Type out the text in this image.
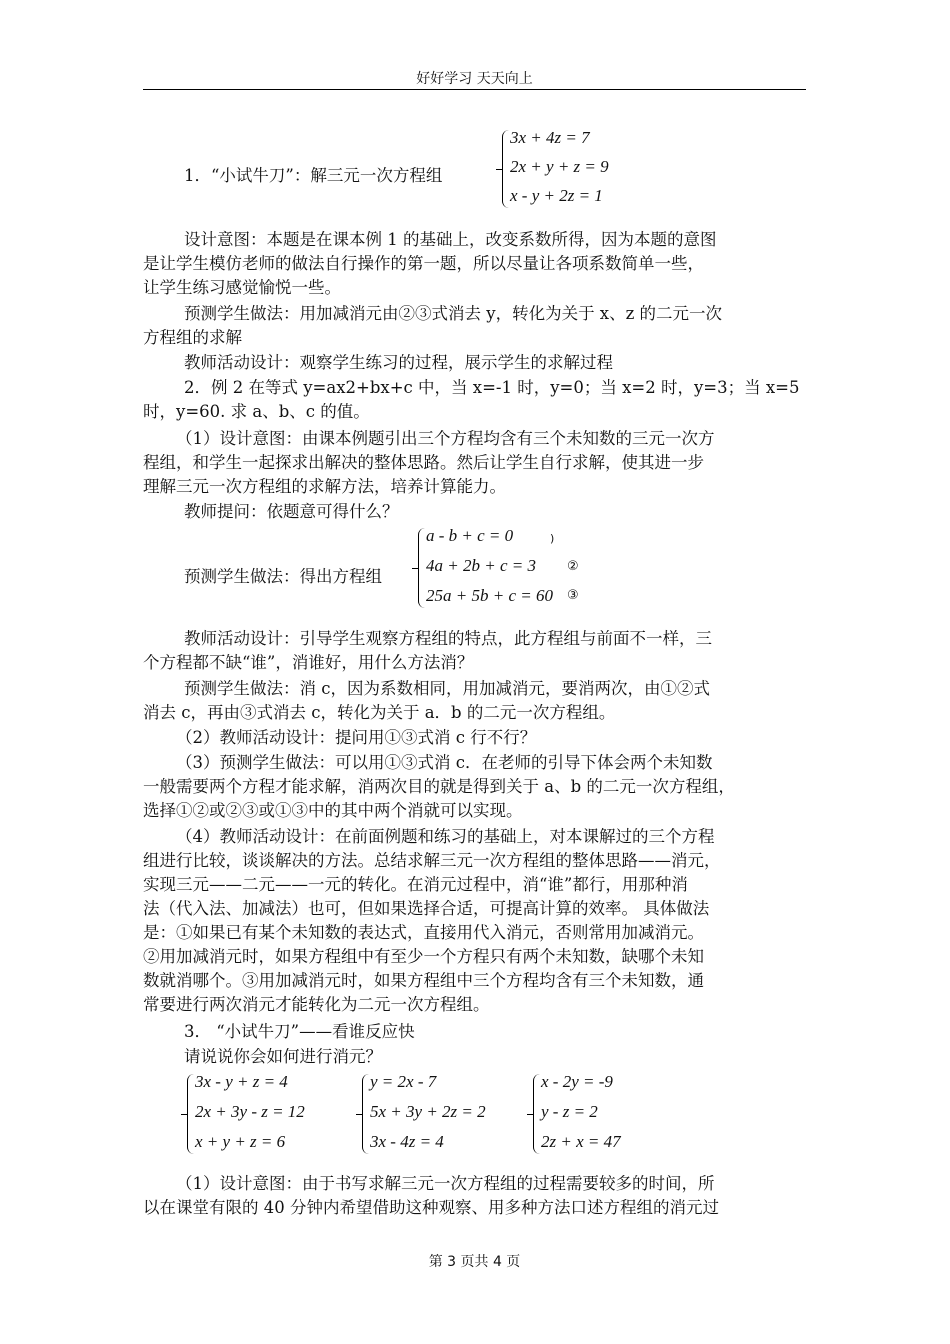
好好学习 天天向上
1．“小试牛刀”：解三元一次方程组
3x + 4z = 7
2x + y + z = 9
x - y + 2z = 1
设计意图：本题是在课本例 1 的基础上，改变系数所得，因为本题的意图
是让学生模仿老师的做法自行操作的第一题，所以尽量让各项系数简单一些，
让学生练习感觉愉悦一些。
预测学生做法：用加减消元由②③式消去 y，转化为关于 x、z 的二元一次
方程组的求解
教师活动设计：观察学生练习的过程，展示学生的求解过程
2．例 2 在等式 y=ax2+bx+c 中，当 x=-1 时，y=0；当 x=2 时，y=3；当 x=5
时，y=60. 求 a、b、c 的值。
（1）设计意图：由课本例题引出三个方程均含有三个未知数的三元一次方
程组，和学生一起探求出解决的整体思路。然后让学生自行求解，使其进一步
理解三元一次方程组的求解方法，培养计算能力。
教师提问：依题意可得什么？
预测学生做法：得出方程组
a - b + c = 0
4a + 2b + c = 3
25a + 5b + c = 60
)
②
③
教师活动设计：引导学生观察方程组的特点，此方程组与前面不一样，三
个方程都不缺“谁”，消谁好，用什么方法消？
预测学生做法：消 c，因为系数相同，用加减消元，要消两次，由①②式
消去 c，再由③式消去 c，转化为关于 a．b 的二元一次方程组。
（2）教师活动设计：提问用①③式消 c 行不行？
（3）预测学生做法：可以用①③式消 c．在老师的引导下体会两个未知数
一般需要两个方程才能求解，消两次目的就是得到关于 a、b 的二元一次方程组，
选择①②或②③或①③中的其中两个消就可以实现。
（4）教师活动设计：在前面例题和练习的基础上，对本课解过的三个方程
组进行比较，谈谈解决的方法。总结求解三元一次方程组的整体思路——消元，
实现三元——二元——一元的转化。在消元过程中，消“谁”都行，用那种消
法（代入法、加减法）也可，但如果选择合适，可提高计算的效率。 具体做法
是：①如果已有某个未知数的表达式，直接用代入消元，否则常用加减消元。
②用加减消元时，如果方程组中有至少一个方程只有两个未知数，缺哪个未知
数就消哪个。③用加减消元时，如果方程组中三个方程均含有三个未知数，通
常要进行两次消元才能转化为二元一次方程组。
3． “小试牛刀”——看谁反应快
请说说你会如何进行消元？
3x - y + z = 4
2x + 3y - z = 12
x + y + z = 6
y = 2x - 7
5x + 3y + 2z = 2
3x - 4z = 4
x - 2y = -9
y - z = 2
2z + x = 47
（1）设计意图：由于书写求解三元一次方程组的过程需要较多的时间，所
以在课堂有限的 40 分钟内希望借助这种观察、用多种方法口述方程组的消元过
第 3 页共 4 页
